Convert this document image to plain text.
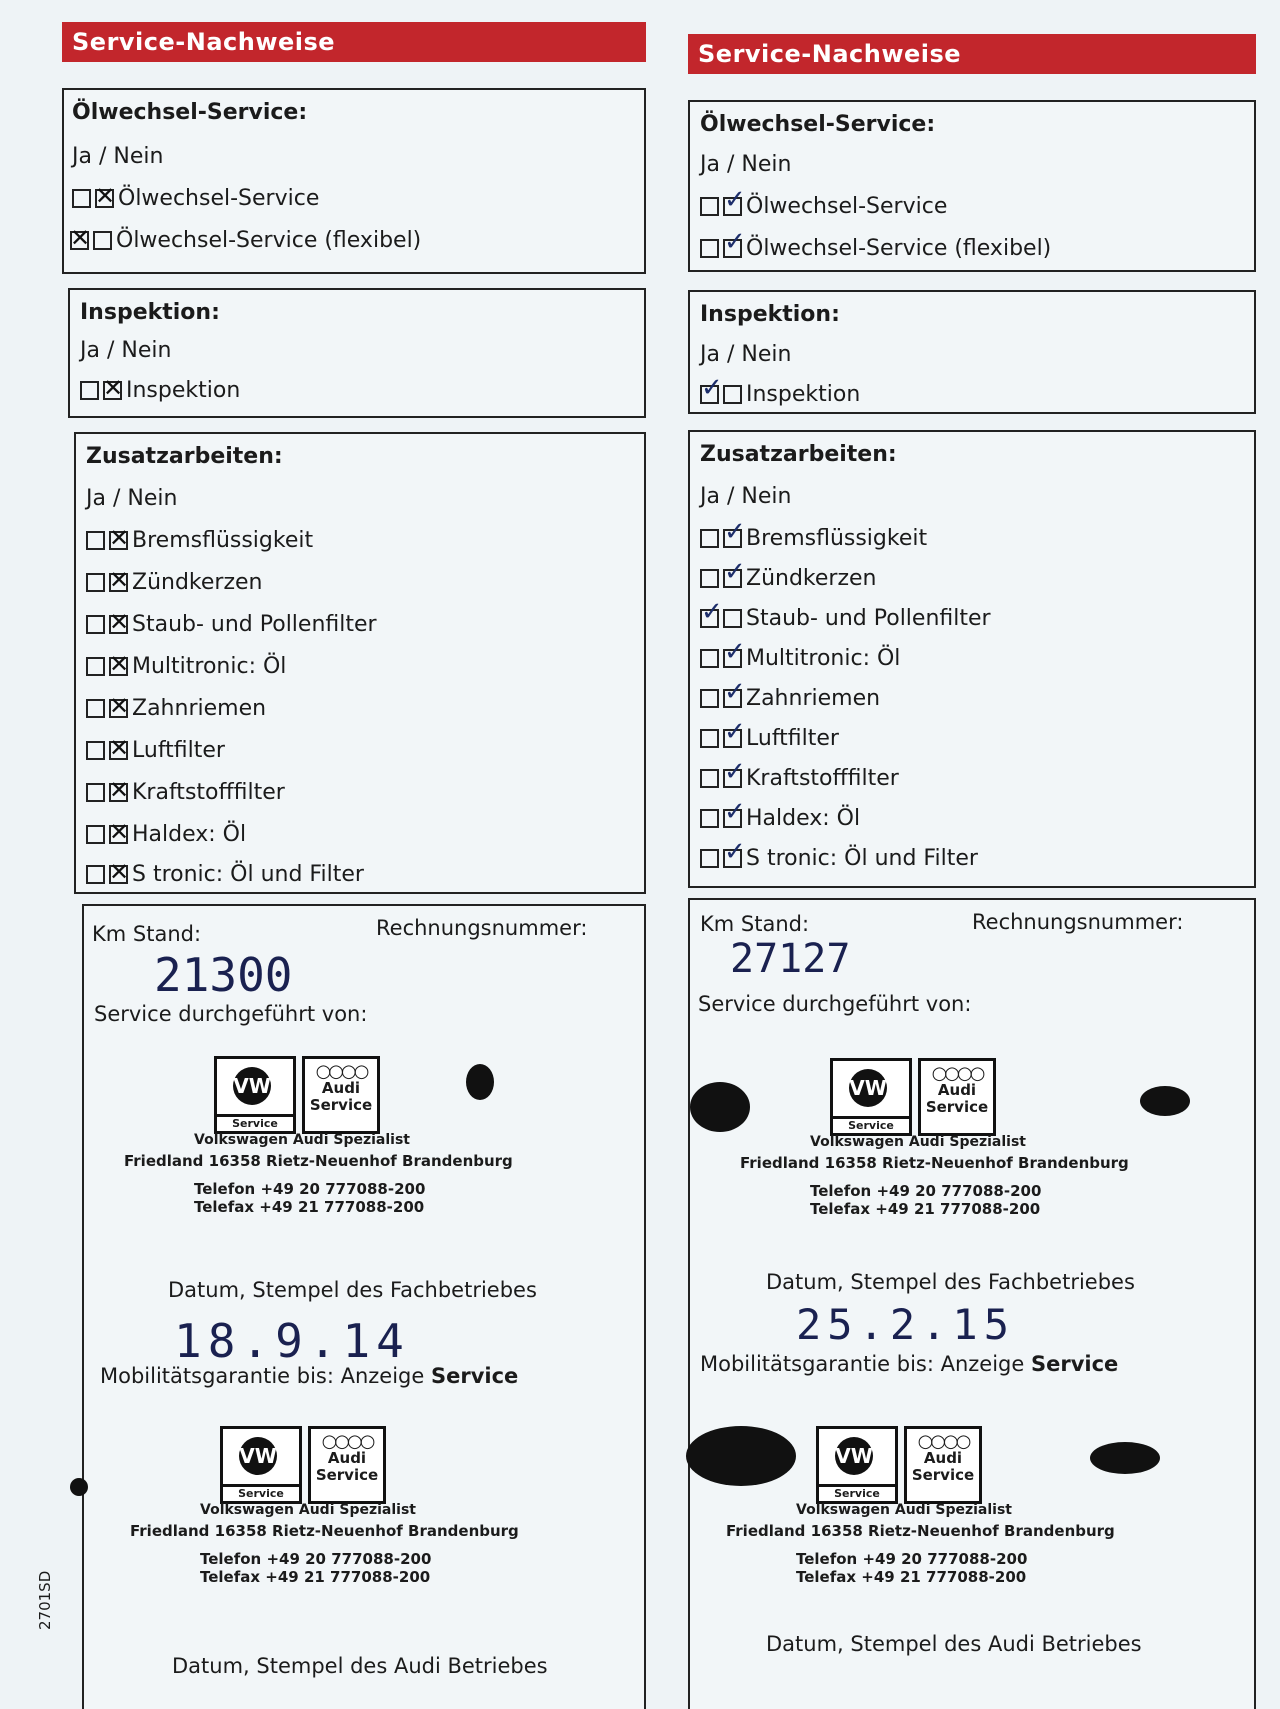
Service-Nachweise
Ölwechsel-Service:
Ja / Nein
✕
Ölwechsel-Service
✕
Ölwechsel-Service (flexibel)
Inspektion:
Ja / Nein
✕
Inspektion
Zusatzarbeiten:
Ja / Nein
✕
Bremsflüssigkeit
✕
Zündkerzen
✕
Staub- und Pollenfilter
✕
Multitronic: Öl
✕
Zahnriemen
✕
Luftfilter
✕
Kraftstofffilter
✕
Haldex: Öl
✕
S tronic: Öl und Filter
Km Stand:	Rechnungsnummer:
21300
Service durchgeführt von:
VW
Service
○○○○
Audi Service
Volkswagen Audi Spezialist
Friedland 16358 Rietz-Neuenhof Brandenburg
Telefon +49 20 777088-200
Telefax +49 21 777088-200
Datum, Stempel des Fachbetriebes
18.9.14
Mobilitätsgarantie bis: Anzeige Service
VW
Service
○○○○
Audi Service
Volkswagen Audi Spezialist
Friedland 16358 Rietz-Neuenhof Brandenburg
Telefon +49 20 777088-200
Telefax +49 21 777088-200
Datum, Stempel des Audi Betriebes
Service-Nachweise
Ölwechsel-Service:
Ja / Nein
✓
Ölwechsel-Service
✓
Ölwechsel-Service (flexibel)
Inspektion:
Ja / Nein
✓
Inspektion
Zusatzarbeiten:
Ja / Nein
✓
Bremsflüssigkeit
✓
Zündkerzen
✓
Staub- und Pollenfilter
✓
Multitronic: Öl
✓
Zahnriemen
✓
Luftfilter
✓
Kraftstofffilter
✓
Haldex: Öl
✓
S tronic: Öl und Filter
Km Stand:	Rechnungsnummer:
27127
Service durchgeführt von:
VW
Service
○○○○
Audi Service
Volkswagen Audi Spezialist
Friedland 16358 Rietz-Neuenhof Brandenburg
Telefon +49 20 777088-200
Telefax +49 21 777088-200
Datum, Stempel des Fachbetriebes
25.2.15
Mobilitätsgarantie bis: Anzeige Service
VW
Service
○○○○
Audi Service
Volkswagen Audi Spezialist
Friedland 16358 Rietz-Neuenhof Brandenburg
Telefon +49 20 777088-200
Telefax +49 21 777088-200
Datum, Stempel des Audi Betriebes
2701SD
